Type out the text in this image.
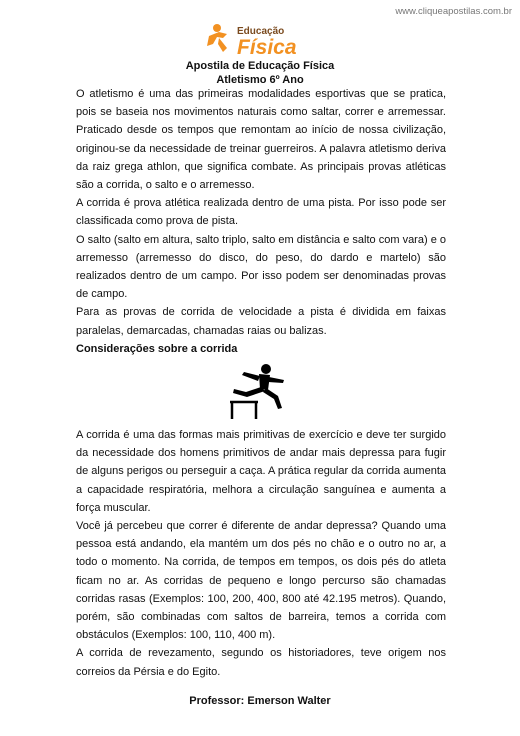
www.cliqueapostilas.com.br
Educação
Física
Apostila de Educação Física
Atletismo 6º Ano

O atletismo é uma das primeiras modalidades esportivas que se pratica, pois se baseia nos movimentos naturais como saltar, correr e arremessar. Praticado desde os tempos que remontam ao início de nossa civilização, originou-se da necessidade de treinar guerreiros. A palavra atletismo deriva da raiz grega athlon, que significa combate. As principais provas atléticas são a corrida, o salto e o arremesso.

A corrida é prova atlética realizada dentro de uma pista. Por isso pode ser classificada como prova de pista.

O salto (salto em altura, salto triplo, salto em distância e salto com vara) e o arremesso (arremesso do disco, do peso, do dardo e martelo) são realizados dentro de um campo. Por isso podem ser denominadas provas de campo.

Para as provas de corrida de velocidade a pista é dividida em faixas paralelas, demarcadas, chamadas raias ou balizas.

Considerações sobre a corrida

A corrida é uma das formas mais primitivas de exercício e deve ter surgido da necessidade dos homens primitivos de andar mais depressa para fugir de alguns perigos ou perseguir a caça. A prática regular da corrida aumenta a capacidade respiratória, melhora a circulação sanguínea e aumenta a força muscular.

Você já percebeu que correr é diferente de andar depressa? Quando uma pessoa está andando, ela mantém um dos pés no chão e o outro no ar, a todo o momento. Na corrida, de tempos em tempos, os dois pés do atleta ficam no ar. As corridas de pequeno e longo percurso são chamadas corridas rasas (Exemplos: 100, 200, 400, 800 até 42.195 metros). Quando, porém, são combinadas com saltos de barreira, temos a corrida com obstáculos (Exemplos: 100, 110, 400 m).

A corrida de revezamento, segundo os historiadores, teve origem nos correios da Pérsia e do Egito.

Professor: Emerson Walter
